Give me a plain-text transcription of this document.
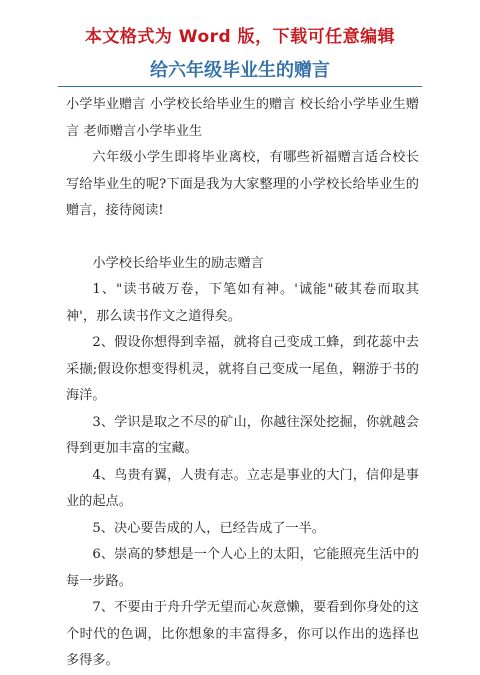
本文格式为 Word 版，下载可任意编辑
给六年级毕业生的赠言

小学毕业赠言 小学校长给毕业生的赠言 校长给小学毕业生赠言 老师赠言小学毕业生

六年级小学生即将毕业离校，有哪些祈福赠言适合校长写给毕业生的呢?下面是我为大家整理的小学校长给毕业生的赠言，接待阅读!

小学校长给毕业生的励志赠言

1、"读书破万卷，下笔如有神。'诚能"破其卷而取其神'，那么读书作文之道得矣。

2、假设你想得到幸福，就将自己变成工蜂，到花蕊中去采撷;假设你想变得机灵，就将自己变成一尾鱼，翱游于书的海洋。

3、学识是取之不尽的矿山，你越往深处挖掘，你就越会得到更加丰富的宝藏。

4、鸟贵有翼，人贵有志。立志是事业的大门，信仰是事业的起点。

5、决心要告成的人，已经告成了一半。

6、崇高的梦想是一个人心上的太阳，它能照亮生活中的每一步路。

7、不要由于舟升学无望而心灰意懒，要看到你身处的这个时代的色调，比你想象的丰富得多，你可以作出的选择也多得多。
